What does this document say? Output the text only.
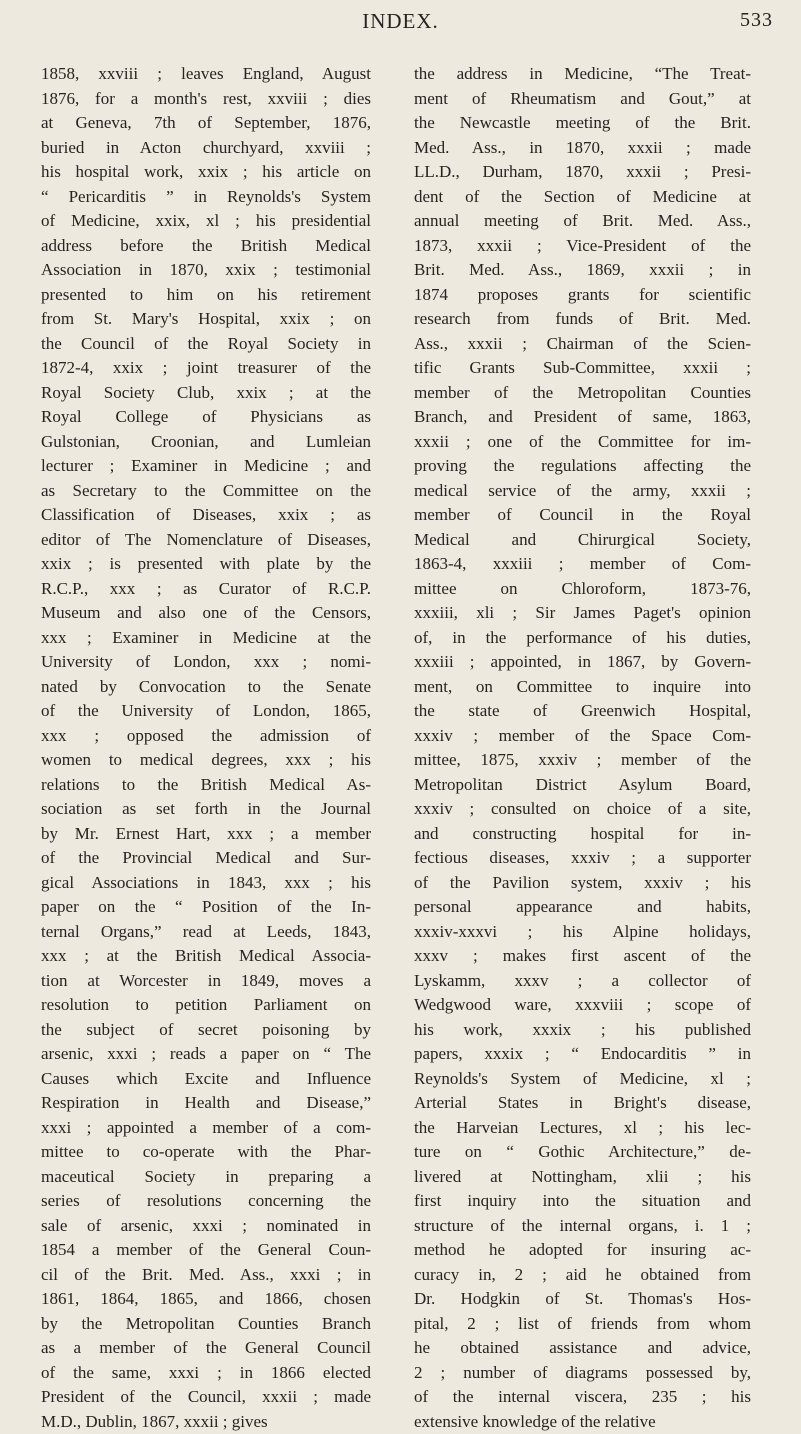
INDEX.	533
1858, xxviii ; leaves England, August
1876, for a month's rest, xxviii ; dies
at Geneva, 7th of September, 1876,
buried in Acton churchyard, xxviii ;
his hospital work, xxix ; his article on
“ Pericarditis ” in Reynolds's System
of Medicine, xxix, xl ; his presidential
address before the British Medical
Association in 1870, xxix ; testimonial
presented to him on his retirement
from St. Mary's Hospital, xxix ; on
the Council of the Royal Society in
1872-4, xxix ; joint treasurer of the
Royal Society Club, xxix ; at the
Royal College of Physicians as
Gulstonian, Croonian, and Lumleian
lecturer ; Examiner in Medicine ; and
as Secretary to the Committee on the
Classification of Diseases, xxix ; as
editor of The Nomenclature of Diseases,
xxix ; is presented with plate by the
R.C.P., xxx ; as Curator of R.C.P.
Museum and also one of the Censors,
xxx ; Examiner in Medicine at the
University of London, xxx ; nomi-
nated by Convocation to the Senate
of the University of London, 1865,
xxx ; opposed the admission of
women to medical degrees, xxx ; his
relations to the British Medical As-
sociation as set forth in the Journal
by Mr. Ernest Hart, xxx ; a member
of the Provincial Medical and Sur-
gical Associations in 1843, xxx ; his
paper on the “ Position of the In-
ternal Organs,” read at Leeds, 1843,
xxx ; at the British Medical Associa-
tion at Worcester in 1849, moves a
resolution to petition Parliament on
the subject of secret poisoning by
arsenic, xxxi ; reads a paper on “ The
Causes which Excite and Influence
Respiration in Health and Disease,”
xxxi ; appointed a member of a com-
mittee to co-operate with the Phar-
maceutical Society in preparing a
series of resolutions concerning the
sale of arsenic, xxxi ; nominated in
1854 a member of the General Coun-
cil of the Brit. Med. Ass., xxxi ; in
1861, 1864, 1865, and 1866, chosen
by the Metropolitan Counties Branch
as a member of the General Council
of the same, xxxi ; in 1866 elected
President of the Council, xxxii ; made
M.D., Dublin, 1867, xxxii ; gives
the address in Medicine, “The Treat-
ment of Rheumatism and Gout,” at
the Newcastle meeting of the Brit.
Med. Ass., in 1870, xxxii ; made
LL.D., Durham, 1870, xxxii ; Presi-
dent of the Section of Medicine at
annual meeting of Brit. Med. Ass.,
1873, xxxii ; Vice-President of the
Brit. Med. Ass., 1869, xxxii ; in
1874 proposes grants for scientific
research from funds of Brit. Med.
Ass., xxxii ; Chairman of the Scien-
tific Grants Sub-Committee, xxxii ;
member of the Metropolitan Counties
Branch, and President of same, 1863,
xxxii ; one of the Committee for im-
proving the regulations affecting the
medical service of the army, xxxii ;
member of Council in the Royal
Medical and Chirurgical Society,
1863-4, xxxiii ; member of Com-
mittee on Chloroform, 1873-76,
xxxiii, xli ; Sir James Paget's opinion
of, in the performance of his duties,
xxxiii ; appointed, in 1867, by Govern-
ment, on Committee to inquire into
the state of Greenwich Hospital,
xxxiv ; member of the Space Com-
mittee, 1875, xxxiv ; member of the
Metropolitan District Asylum Board,
xxxiv ; consulted on choice of a site,
and constructing hospital for in-
fectious diseases, xxxiv ; a supporter
of the Pavilion system, xxxiv ; his
personal appearance and habits,
xxxiv-xxxvi ; his Alpine holidays,
xxxv ; makes first ascent of the
Lyskamm, xxxv ; a collector of
Wedgwood ware, xxxviii ; scope of
his work, xxxix ; his published
papers, xxxix ; “ Endocarditis ” in
Reynolds's System of Medicine, xl ;
Arterial States in Bright's disease,
the Harveian Lectures, xl ; his lec-
ture on “ Gothic Architecture,” de-
livered at Nottingham, xlii ; his
first inquiry into the situation and
structure of the internal organs, i. 1 ;
method he adopted for insuring ac-
curacy in, 2 ; aid he obtained from
Dr. Hodgkin of St. Thomas's Hos-
pital, 2 ; list of friends from whom
he obtained assistance and advice,
2 ; number of diagrams possessed by,
of the internal viscera, 235 ; his
extensive knowledge of the relative
